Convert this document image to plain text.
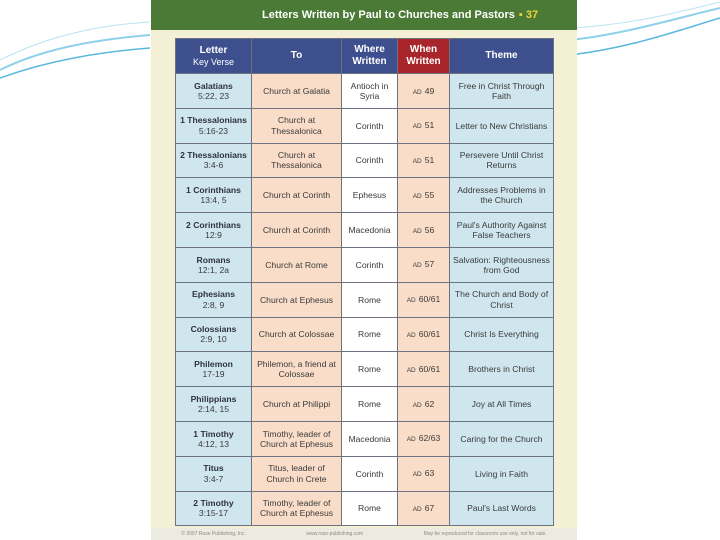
Letters Written by Paul to Churches and Pastors ▪ 37
Letter
Key Verse	To	Where Written	When Written	Theme

Galatians
5:22, 23	Church at Galatia	Antioch in Syria	AD 49	Free in Christ Through Faith

1 Thessalonians
5:16-23	Church at Thessalonica	Corinth	AD 51	Letter to New Christians

2 Thessalonians
3:4-6	Church at Thessalonica	Corinth	AD 51	Persevere Until Christ Returns

1 Corinthians
13:4, 5	Church at Corinth	Ephesus	AD 55	Addresses Problems in the Church

2 Corinthians
12:9	Church at Corinth	Macedonia	AD 56	Paul's Authority Against False Teachers

Romans
12:1, 2a	Church at Rome	Corinth	AD 57	Salvation: Righteousness from God

Ephesians
2:8, 9	Church at Ephesus	Rome	AD 60/61	The Church and Body of Christ

Colossians
2:9, 10	Church at Colossae	Rome	AD 60/61	Christ Is Everything

Philemon
17-19	Philemon, a friend at Colossae	Rome	AD 60/61	Brothers in Christ

Philippians
2:14, 15	Church at Philippi	Rome	AD 62	Joy at All Times

1 Timothy
4:12, 13	Timothy, leader of Church at Ephesus	Macedonia	AD 62/63	Caring for the Church

Titus
3:4-7	Titus, leader of Church in Crete	Corinth	AD 63	Living in Faith

2 Timothy
3:15-17	Timothy, leader of Church at Ephesus	Rome	AD 67	Paul's Last Words
© 2007 Rose Publishing, Inc.	www.rose-publishing.com	May be reproduced for classroom use only, not for sale.
